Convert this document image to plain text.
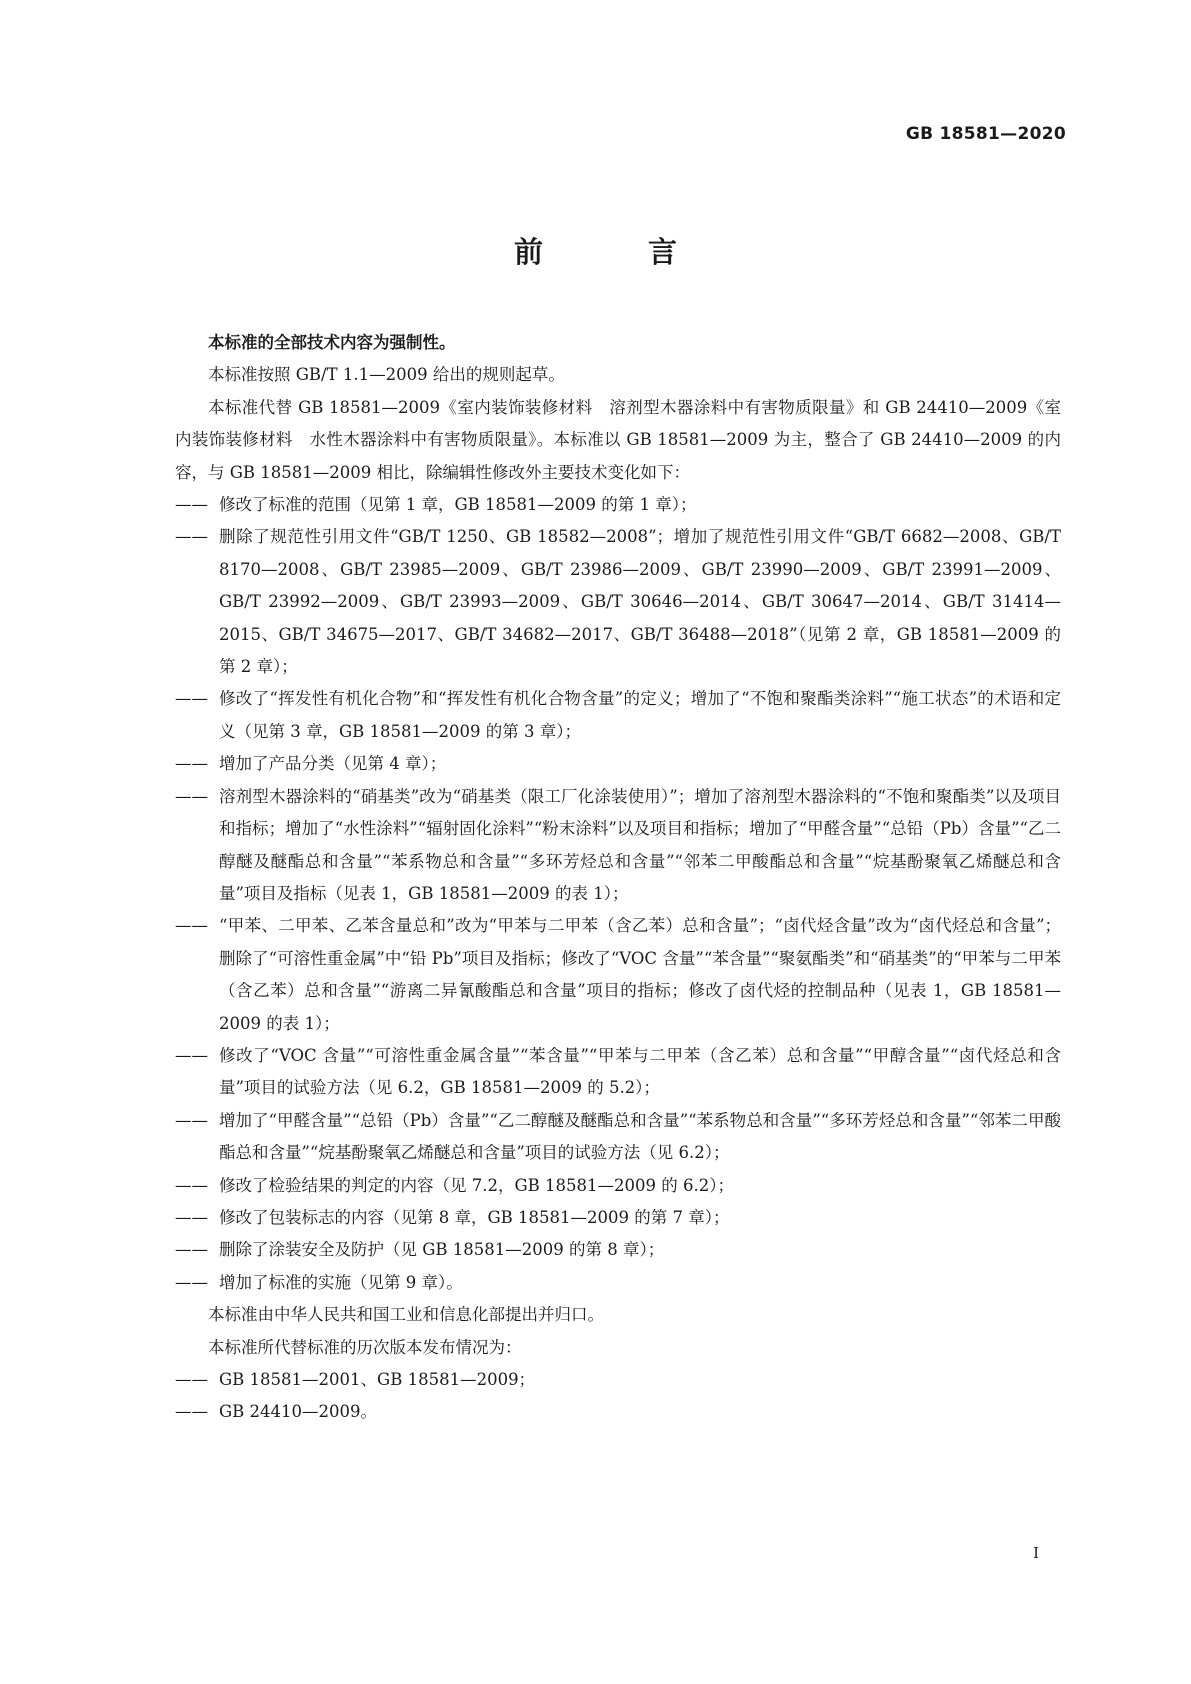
GB 18581—2020
前　言
本标准的全部技术内容为强制性。
本标准按照 GB/T 1.1—2009 给出的规则起草。
本标准代替 GB 18581—2009《室内装饰装修材料　溶剂型木器涂料中有害物质限量》和 GB 24410—2009《室内装饰装修材料　水性木器涂料中有害物质限量》。本标准以 GB 18581—2009 为主，整合了 GB 24410—2009 的内容，与 GB 18581—2009 相比，除编辑性修改外主要技术变化如下：
—— 修改了标准的范围（见第 1 章，GB 18581—2009 的第 1 章）；
—— 删除了规范性引用文件“GB/T 1250、GB 18582—2008”；增加了规范性引用文件“GB/T 6682—2008、GB/T 8170—2008、GB/T 23985—2009、GB/T 23986—2009、GB/T 23990—2009、GB/T 23991—2009、GB/T 23992—2009、GB/T 23993—2009、GB/T 30646—2014、GB/T 30647—2014、GB/T 31414—2015、GB/T 34675—2017、GB/T 34682—2017、GB/T 36488—2018”（见第 2 章，GB 18581—2009 的第 2 章）；
—— 修改了“挥发性有机化合物”和“挥发性有机化合物含量”的定义；增加了“不饱和聚酯类涂料”“施工状态”的术语和定义（见第 3 章，GB 18581—2009 的第 3 章）；
—— 增加了产品分类（见第 4 章）；
—— 溶剂型木器涂料的“硝基类”改为“硝基类（限工厂化涂装使用）”；增加了溶剂型木器涂料的“不饱和聚酯类”以及项目和指标；增加了“水性涂料”“辐射固化涂料”“粉末涂料”以及项目和指标；增加了“甲醛含量”“总铅（Pb）含量”“乙二醇醚及醚酯总和含量”“苯系物总和含量”“多环芳烃总和含量”“邻苯二甲酸酯总和含量”“烷基酚聚氧乙烯醚总和含量”项目及指标（见表 1，GB 18581—2009 的表 1）；
—— “甲苯、二甲苯、乙苯含量总和”改为“甲苯与二甲苯（含乙苯）总和含量”；“卤代烃含量”改为“卤代烃总和含量”；删除了“可溶性重金属”中“铅 Pb”项目及指标；修改了“VOC 含量”“苯含量”“聚氨酯类”和“硝基类”的“甲苯与二甲苯（含乙苯）总和含量”“游离二异氰酸酯总和含量”项目的指标；修改了卤代烃的控制品种（见表 1，GB 18581—2009 的表 1）；
—— 修改了“VOC 含量”“可溶性重金属含量”“苯含量”“甲苯与二甲苯（含乙苯）总和含量”“甲醇含量”“卤代烃总和含量”项目的试验方法（见 6.2，GB 18581—2009 的 5.2）；
—— 增加了“甲醛含量”“总铅（Pb）含量”“乙二醇醚及醚酯总和含量”“苯系物总和含量”“多环芳烃总和含量”“邻苯二甲酸酯总和含量”“烷基酚聚氧乙烯醚总和含量”项目的试验方法（见 6.2）；
—— 修改了检验结果的判定的内容（见 7.2，GB 18581—2009 的 6.2）；
—— 修改了包装标志的内容（见第 8 章，GB 18581—2009 的第 7 章）；
—— 删除了涂装安全及防护（见 GB 18581—2009 的第 8 章）；
—— 增加了标准的实施（见第 9 章）。
本标准由中华人民共和国工业和信息化部提出并归口。
本标准所代替标准的历次版本发布情况为：
—— GB 18581—2001、GB 18581—2009；
—— GB 24410—2009。
I
